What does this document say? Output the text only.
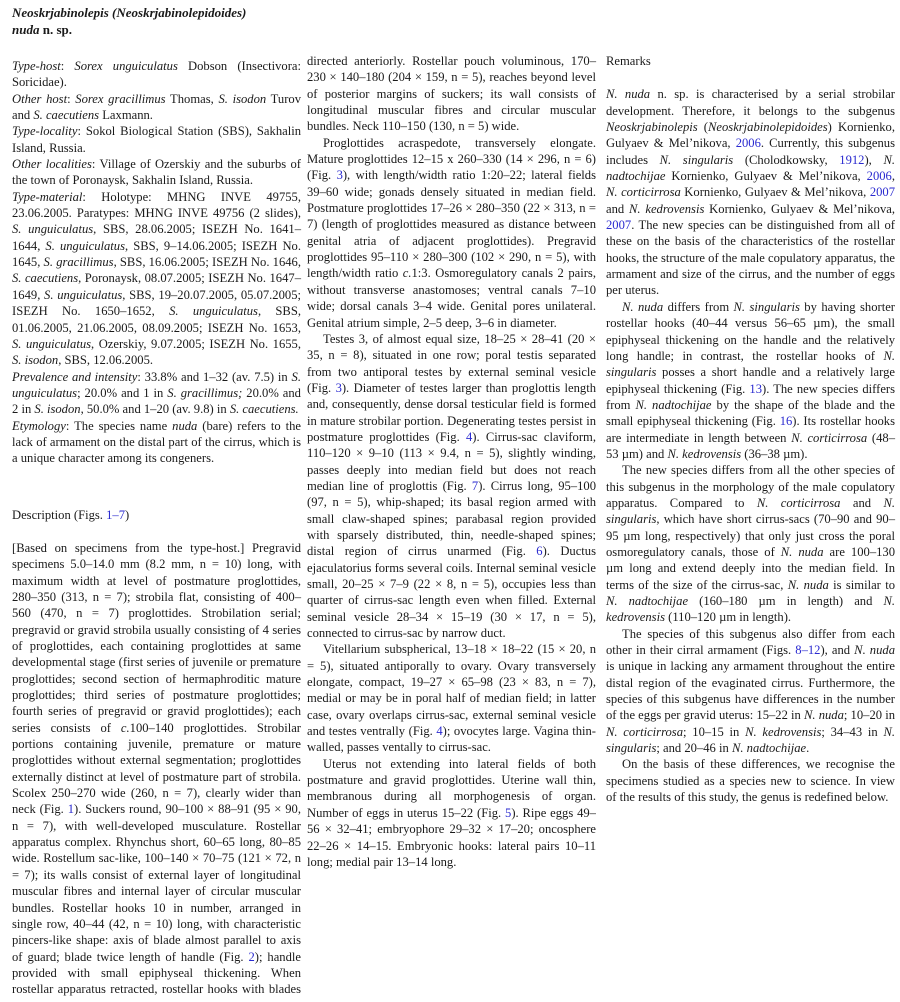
Neoskrjabinolepis (Neoskrjabinolepidoides)
nuda n. sp.

Type-host: Sorex unguiculatus Dobson (Insectivora: Soricidae).

Other host: Sorex gracillimus Thomas, S. isodon Turov and S. caecutiens Laxmann.

Type-locality: Sokol Biological Station (SBS), Sakhalin Island, Russia.

Other localities: Village of Ozerskiy and the suburbs of the town of Poronaysk, Sakhalin Island, Russia.

Type-material: Holotype: MHNG INVE 49755, 23.06.2005. Paratypes: MHNG INVE 49756 (2 slides), S. unguiculatus, SBS, 28.06.2005; ISEZH No. 1641–1644, S. unguiculatus, SBS, 9–14.06.2005; ISEZH No. 1645, S. gracillimus, SBS, 16.06.2005; ISEZH No. 1646, S. caecutiens, Poronaysk, 08.07.2005; ISEZH No. 1647–1649, S. unguiculatus, SBS, 19–20.07.2005, 05.07.2005; ISEZH No. 1650–1652, S. unguiculatus, SBS, 01.06.2005, 21.06.2005, 08.09.2005; ISEZH No. 1653, S. unguiculatus, Ozerskiy, 9.07.2005; ISEZH No. 1655, S. isodon, SBS, 12.06.2005.

Prevalence and intensity: 33.8% and 1–32 (av. 7.5) in S. unguiculatus; 20.0% and 1 in S. gracillimus; 20.0% and 2 in S. isodon, 50.0% and 1–20 (av. 9.8) in S. caecutiens.

Etymology: The species name nuda (bare) refers to the lack of armament on the distal part of the cirrus, which is a unique character among its congeners.

Description (Figs. 1–7)

[Based on specimens from the type-host.] Pregravid specimens 5.0–14.0 mm (8.2 mm, n = 10) long, with maximum width at level of postmature proglottides, 280–350 (313, n = 7); strobila flat, consisting of 400–560 (470, n = 7) proglottides. Strobilation serial; pregravid or gravid strobila usually consisting of 4 series of proglottides, each containing proglottides at same developmental stage (first series of juvenile or premature proglottides; second section of hermaphroditic mature proglottides; third series of postmature proglottides; fourth series of pregravid or gravid proglottides); each series consists of c.100–140 proglottides. Strobilar portions containing juvenile, premature or mature proglottides without external segmentation; proglottides externally distinct at level of postmature part of strobila. Scolex 250–270 wide (260, n = 7), clearly wider than neck (Fig. 1). Suckers round, 90–100 × 88–91 (95 × 90, n = 7), with well-developed musculature. Rostellar apparatus complex. Rhynchus short, 60–65 long, 80–85 wide. Rostellum sac-like, 100–140 × 70–75 (121 × 72, n = 7); its walls consist of external layer of longitudinal muscular fibres and internal layer of circular muscular bundles. Rostellar hooks 10 in number, arranged in single row, 40–44 (42, n = 10) long, with characteristic pincers-like shape: axis of blade almost parallel to axis of guard; blade twice length of handle (Fig. 2); handle provided with small epiphyseal thickening. When rostellar apparatus retracted, rostellar hooks with blades

directed anteriorly. Rostellar pouch voluminous, 170–230 × 140–180 (204 × 159, n = 5), reaches beyond level of posterior margins of suckers; its wall consists of longitudinal muscular fibres and circular muscular bundles. Neck 110–150 (130, n = 5) wide.

Proglottides acraspedote, transversely elongate. Mature proglottides 12–15 x 260–330 (14 × 296, n = 6) (Fig. 3), with length/width ratio 1:20–22; lateral fields 39–60 wide; gonads densely situated in median field. Postmature proglottides 17–26 × 280–350 (22 × 313, n = 7) (length of proglottides measured as distance between genital atria of adjacent proglottides). Pregravid proglottides 95–110 × 280–300 (102 × 290, n = 5), with length/width ratio c.1:3. Osmoregulatory canals 2 pairs, without transverse anastomoses; ventral canals 7–10 wide; dorsal canals 3–4 wide. Genital pores unilateral. Genital atrium simple, 2–5 deep, 3–6 in diameter.

Testes 3, of almost equal size, 18–25 × 28–41 (20 × 35, n = 8), situated in one row; poral testis separated from two antiporal testes by external seminal vesicle (Fig. 3). Diameter of testes larger than proglottis length and, consequently, dense dorsal testicular field is formed in mature strobilar portion. Degenerating testes persist in postmature proglottides (Fig. 4). Cirrus-sac claviform, 110–120 × 9–10 (113 × 9.4, n = 5), slightly winding, passes deeply into median field but does not reach median line of proglottis (Fig. 7). Cirrus long, 95–100 (97, n = 5), whip-shaped; its basal region armed with small claw-shaped spines; parabasal region provided with sparsely distributed, thin, needle-shaped spines; distal region of cirrus unarmed (Fig. 6). Ductus ejaculatorius forms several coils. Internal seminal vesicle small, 20–25 × 7–9 (22 × 8, n = 5), occupies less than quarter of cirrus-sac length even when filled. External seminal vesicle 28–34 × 15–19 (30 × 17, n = 5), connected to cirrus-sac by narrow duct.

Vitellarium subspherical, 13–18 × 18–22 (15 × 20, n = 5), situated antiporally to ovary. Ovary transversely elongate, compact, 19–27 × 65–98 (23 × 83, n = 7), medial or may be in poral half of median field; in latter case, ovary overlaps cirrus-sac, external seminal vesicle and testes ventrally (Fig. 4); ovocytes large. Vagina thin-walled, passes ventally to cirrus-sac.

Uterus not extending into lateral fields of both postmature and gravid proglottides. Uterine wall thin, membranous during all morphogenesis of organ. Number of eggs in uterus 15–22 (Fig. 5). Ripe eggs 49–56 × 32–41; embryophore 29–32 × 17–20; oncosphere 22–26 × 14–15. Embryonic hooks: lateral pairs 10–11 long; medial pair 13–14 long.

Remarks

N. nuda n. sp. is characterised by a serial strobilar development. Therefore, it belongs to the subgenus Neoskrjabinolepis (Neoskrjabinolepidoides) Kornienko, Gulyaev & Mel’nikova, 2006. Currently, this subgenus includes N. singularis (Cholodkowsky, 1912), N. nadtochijae Kornienko, Gulyaev & Mel’nikova, 2006, N. corticirrosa Kornienko, Gulyaev & Mel’nikova, 2007 and N. kedrovensis Kornienko, Gulyaev & Mel’nikova, 2007. The new species can be distinguished from all of these on the basis of the characteristics of the rostellar hooks, the structure of the male copulatory apparatus, the armament and size of the cirrus, and the number of eggs per uterus.

N. nuda differs from N. singularis by having shorter rostellar hooks (40–44 versus 56–65 µm), the small epiphyseal thickening on the handle and the relatively long handle; in contrast, the rostellar hooks of N. singularis posses a short handle and a relatively large epiphyseal thickening (Fig. 13). The new species differs from N. nadtochijae by the shape of the blade and the small epiphyseal thickening (Fig. 16). Its rostellar hooks are intermediate in length between N. corticirrosa (48–53 µm) and N. kedrovensis (36–38 µm).

The new species differs from all the other species of this subgenus in the morphology of the male copulatory apparatus. Compared to N. corticirrosa and N. singularis, which have short cirrus-sacs (70–90 and 90–95 µm long, respectively) that only just cross the poral osmoregulatory canals, those of N. nuda are 100–130 µm long and extend deeply into the median field. In terms of the size of the cirrus-sac, N. nuda is similar to N. nadtochijae (160–180 µm in length) and N. kedrovensis (110–120 µm in length).

The species of this subgenus also differ from each other in their cirral armament (Figs. 8–12), and N. nuda is unique in lacking any armament throughout the entire distal region of the evaginated cirrus. Furthermore, the species of this subgenus have differences in the number of the eggs per gravid uterus: 15–22 in N. nuda; 10–20 in N. corticirrosa; 10–15 in N. kedrovensis; 34–43 in N. singularis; and 20–46 in N. nadtochijae.

On the basis of these differences, we recognise the specimens studied as a species new to science. In view of the results of this study, the genus is redefined below.
